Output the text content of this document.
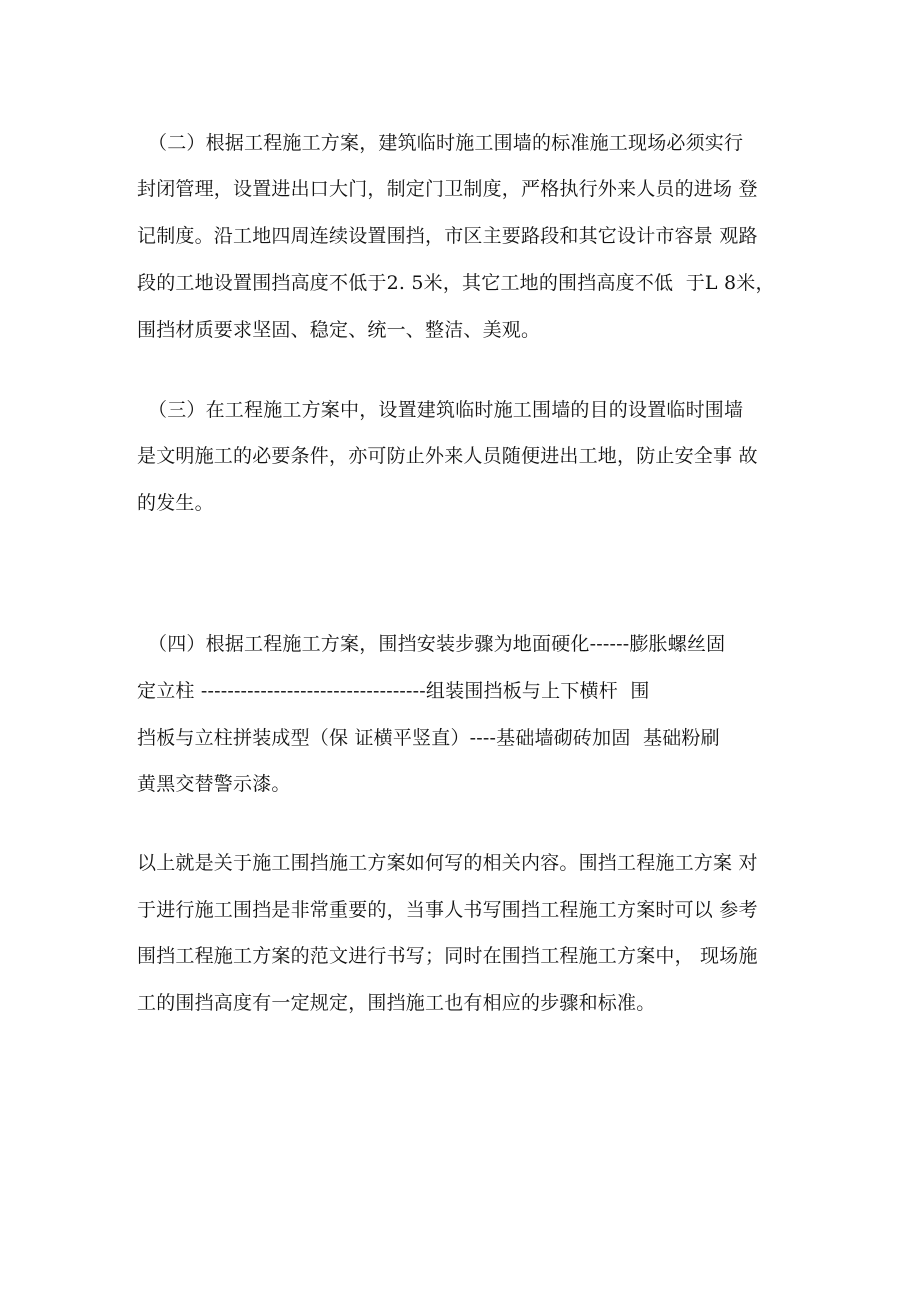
（二）根据工程施工方案，建筑临时施工围墙的标准施工现场必须实行
封闭管理，设置进出口大门，制定门卫制度，严格执行外来人员的进场 登
记制度。沿工地四周连续设置围挡，市区主要路段和其它设计市容景 观路
段的工地设置围挡高度不低于2. 5米，其它工地的围挡高度不低  于L 8米，
围挡材质要求坚固、稳定、统一、整洁、美观。
（三）在工程施工方案中，设置建筑临时施工围墙的目的设置临时围墙
是文明施工的必要条件，亦可防止外来人员随便进出工地，防止安全事 故
的发生。
（四）根据工程施工方案，围挡安装步骤为地面硬化------膨胀螺丝固
定立柱 ----------------------------------组装围挡板与上下横杆  围
挡板与立柱拼装成型（保 证横平竖直）----基础墙砌砖加固  基础粉刷
黄黑交替警示漆。
以上就是关于施工围挡施工方案如何写的相关内容。围挡工程施工方案 对
于进行施工围挡是非常重要的，当事人书写围挡工程施工方案时可以 参考
围挡工程施工方案的范文进行书写；同时在围挡工程施工方案中， 现场施
工的围挡高度有一定规定，围挡施工也有相应的步骤和标准。
